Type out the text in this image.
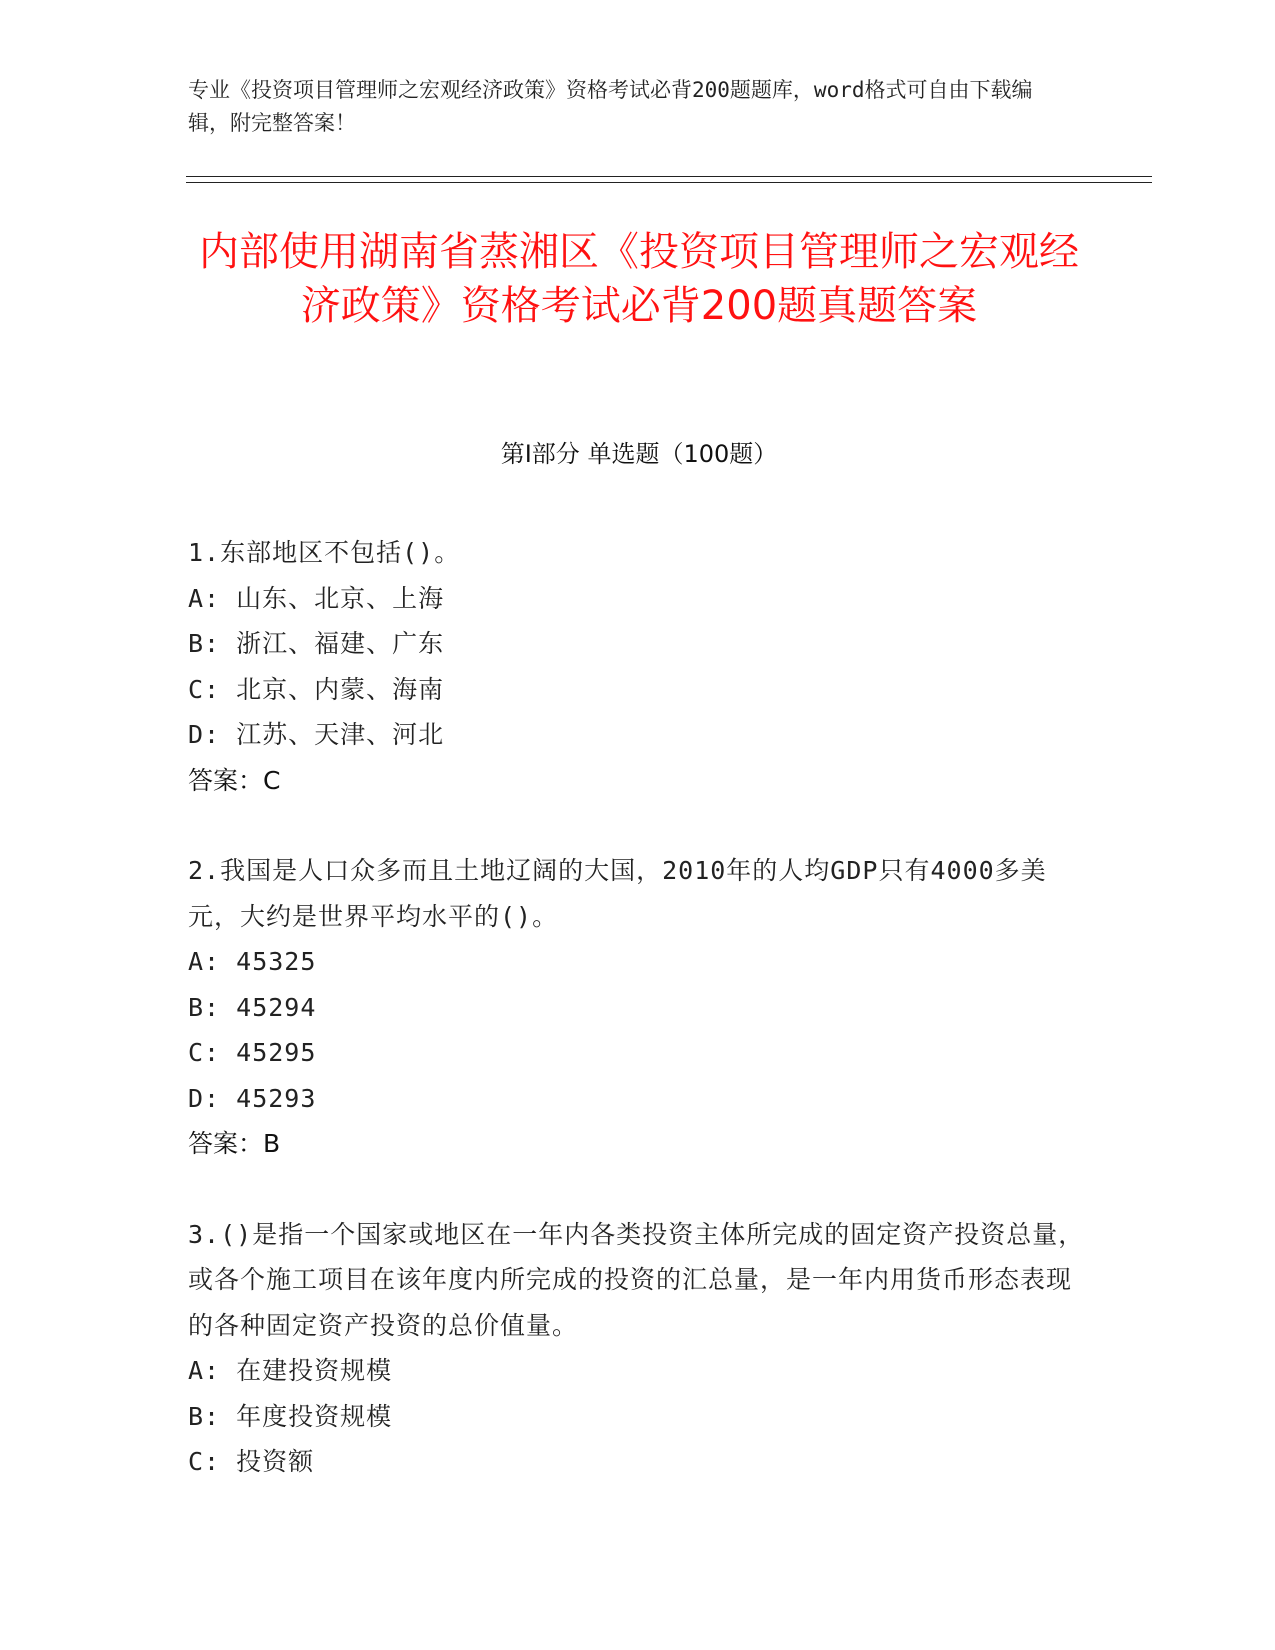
专业《投资项目管理师之宏观经济政策》资格考试必背200题题库，word格式可自由下载编辑，附完整答案！
内部使用湖南省蒸湘区《投资项目管理师之宏观经济政策》资格考试必背200题真题答案
第I部分 单选题（100题）
1.东部地区不包括()。
A: 山东、北京、上海
B: 浙江、福建、广东
C: 北京、内蒙、海南
D: 江苏、天津、河北
答案：C
2.我国是人口众多而且土地辽阔的大国，2010年的人均GDP只有4000多美元，大约是世界平均水平的()。
A: 45325
B: 45294
C: 45295
D: 45293
答案：B
3.()是指一个国家或地区在一年内各类投资主体所完成的固定资产投资总量，或各个施工项目在该年度内所完成的投资的汇总量，是一年内用货币形态表现的各种固定资产投资的总价值量。
A: 在建投资规模
B: 年度投资规模
C: 投资额
